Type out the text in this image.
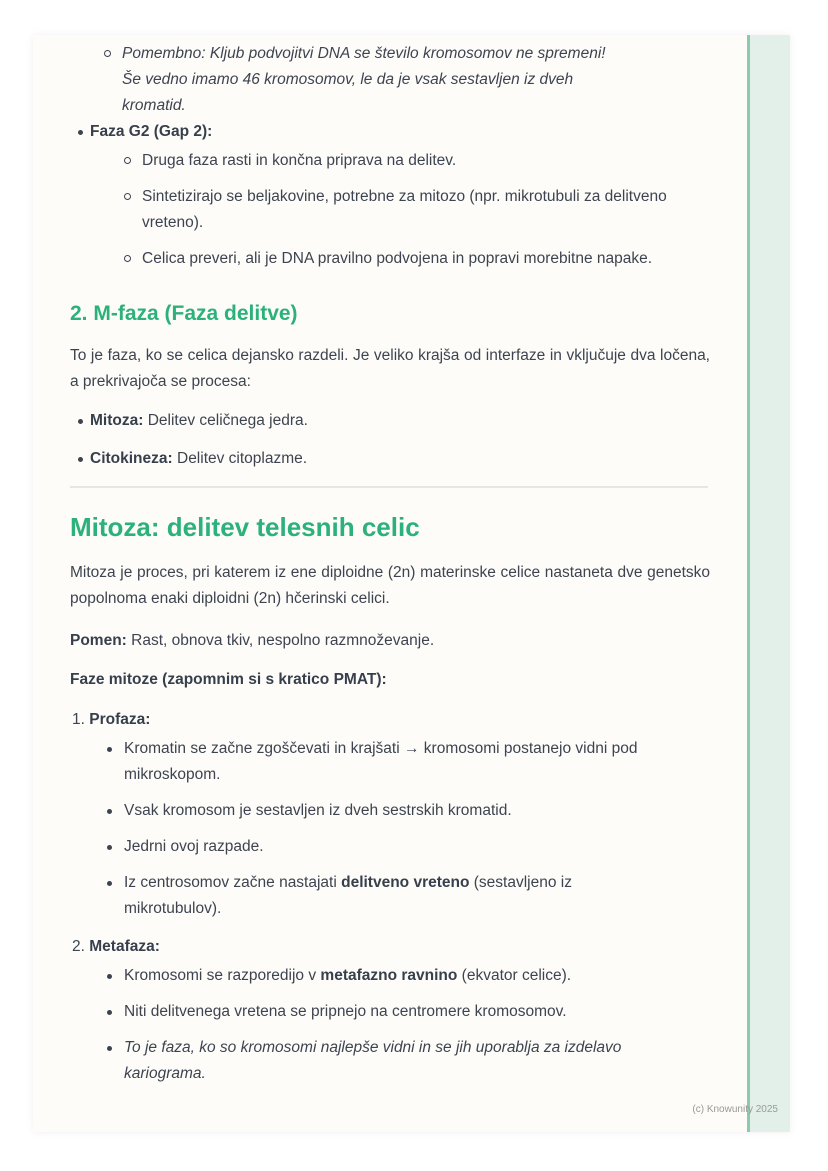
Pomembno: Kljub podvojitvi DNA se število kromosomov ne spremeni! Še vedno imamo 46 kromosomov, le da je vsak sestavljen iz dveh kromatid.
Faza G2 (Gap 2):
Druga faza rasti in končna priprava na delitev.
Sintetizirajo se beljakovine, potrebne za mitozo (npr. mikrotubuli za delitveno vreteno).
Celica preveri, ali je DNA pravilno podvojena in popravi morebitne napake.
2. M-faza (Faza delitve)

To je faza, ko se celica dejansko razdeli. Je veliko krajša od interfaze in vključuje dva ločena, a prekrivajoča se procesa:

Mitoza: Delitev celičnega jedra.
Citokineza: Delitev citoplazme.
Mitoza: delitev telesnih celic

Mitoza je proces, pri katerem iz ene diploidne (2n) materinske celice nastaneta dve genetsko popolnoma enaki diploidni (2n) hčerinski celici.

Pomen: Rast, obnova tkiv, nespolno razmnoževanje.

Faze mitoze (zapomnim si s kratico PMAT):

1. Profaza:
Kromatin se začne zgoščevati in krajšati → kromosomi postanejo vidni pod mikroskopom.
Vsak kromosom je sestavljen iz dveh sestrskih kromatid.
Jedrni ovoj razpade.
Iz centrosomov začne nastajati delitveno vreteno (sestavljeno iz mikrotubulov).
2. Metafaza:
Kromosomi se razporedijo v metafazno ravnino (ekvator celice).
Niti delitvenega vretena se pripnejo na centromere kromosomov.
To je faza, ko so kromosomi najlepše vidni in se jih uporablja za izdelavo kariograma.
(c) Knowunity 2025
